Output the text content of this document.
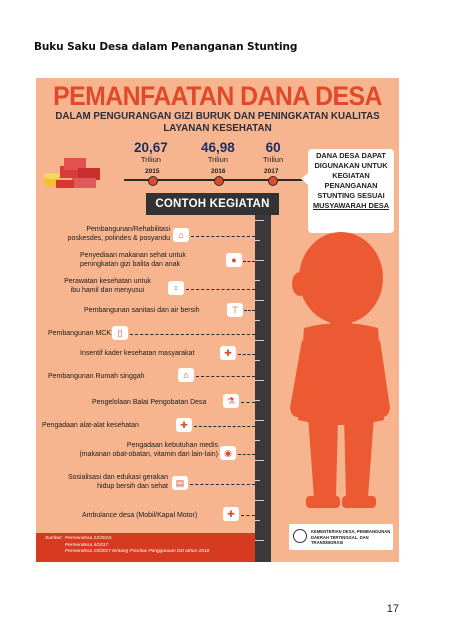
Buku Saku Desa dalam Penanganan Stunting
PEMANFAATAN DANA DESA
DALAM PENGURANGAN GIZI BURUK DAN PENINGKATAN KUALITAS
LAYANAN KESEHATAN
20,67
Triliun
46,98
Triliun
60
Triliun
2015	2016	2017
DANA DESA DAPAT
DIGUNAKAN UNTUK
KEGIATAN
PENANGANAN
STUNTING SESUAI
MUSYAWARAH DESA
CONTOH KEGIATAN
Pembangunan/Rehabilitasi
poskesdes, polindes & posyandu ⌂
Penyediaan makanan sehat untuk
peningkatan gizi balita dan anak	●
Perawatan kesehatan untuk
ibu hamil dan menyusui	♀
Pembangunan sanitasi dan air bersih	⊤
Pembangunan MCK ▯
Insentif kader kesehatan masyarakat	✚
Pembangunan Rumah singgah	⌂
Pengelolaan Balai Pengobatan Desa	⚗
Pengadaan alat-alat kesehatan	✚
Pengadaan kebutuhan medis
(makanan obat-obatan, vitamin dan lain-lain) ◉
Sosialisasi dan edukasi gerakan
hidup bersih dan sehat ▤
Ambulance desa (Mobil/Kapal Motor)	✚
KEMENTERIAN DESA, PEMBANGUNAN
DAERAH TERTINGGAL, DAN TRANSMIGRASI
Sumber: Permendesa 22/2016;
Permendesa 4/2017
Permendesa 19/2017 tentang Prioritas Penggunaan DD tahun 2018
17
